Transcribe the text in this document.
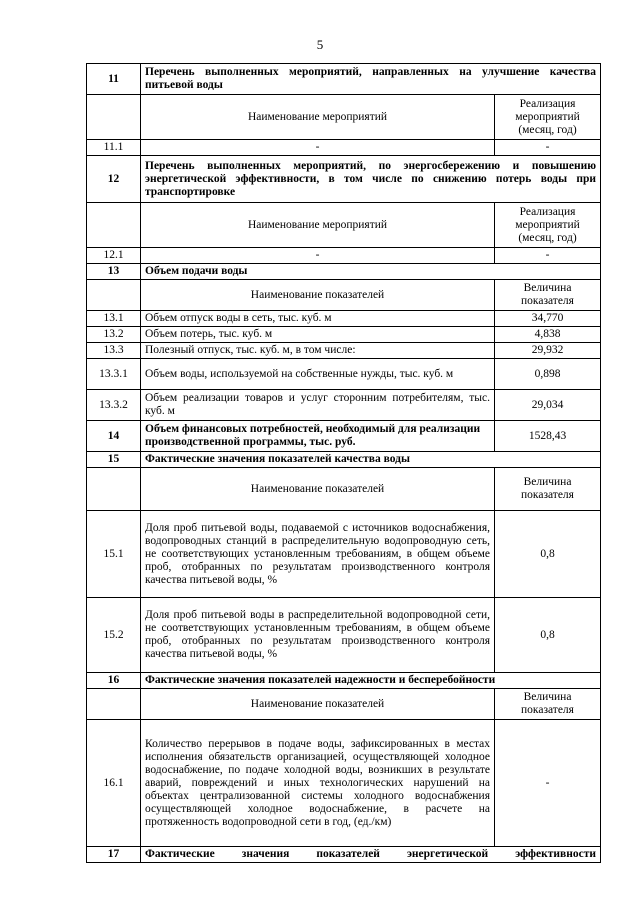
5
11	Перечень выполненных мероприятий, направленных на улучшение качества питьевой воды	
	Наименование мероприятий	Реализация мероприятий (месяц, год)
11.1	-	-
12	Перечень выполненных мероприятий, по энергосбережению и повышению энергетической эффективности, в том числе по снижению потерь воды при транспортировке	
	Наименование мероприятий	Реализация мероприятий (месяц, год)
12.1	-	-
13	Объем подачи воды	
	Наименование показателей	Величина показателя
13.1	Объем отпуск воды в сеть, тыс. куб. м	34,770
13.2	Объем потерь, тыс. куб. м	4,838
13.3	Полезный отпуск, тыс. куб. м, в том числе:	29,932
13.3.1	Объем воды, используемой на собственные нужды, тыс. куб. м	0,898
13.3.2	Объем реализации товаров и услуг сторонним потребителям, тыс. куб. м	29,034
14	Объем финансовых потребностей, необходимый для реализации производственной программы, тыс. руб.	1528,43
15	Фактические значения показателей качества воды	
	Наименование показателей	Величина показателя
15.1	Доля проб питьевой воды, подаваемой с источников водоснабжения, водопроводных станций в распределительную водопроводную сеть, не соответствующих установленным требованиям, в общем объеме проб, отобранных по результатам производственного контроля качества питьевой воды, %	0,8
15.2	Доля проб питьевой воды в распределительной водопроводной сети, не соответствующих установленным требованиям, в общем объеме проб, отобранных по результатам производственного контроля качества питьевой воды, %	0,8
16	Фактические значения показателей надежности и бесперебойности	
	Наименование показателей	Величина показателя
16.1	Количество перерывов в подаче воды, зафиксированных в местах исполнения обязательств организацией, осуществляющей холодное водоснабжение, по подаче холодной воды, возникших в результате аварий, повреждений и иных технологических нарушений на объектах централизованной системы холодного водоснабжения осуществляющей холодное водоснабжение, в расчете на протяженность водопроводной сети в год, (ед./км)	-
17	Фактические значения показателей энергетической эффективности	
